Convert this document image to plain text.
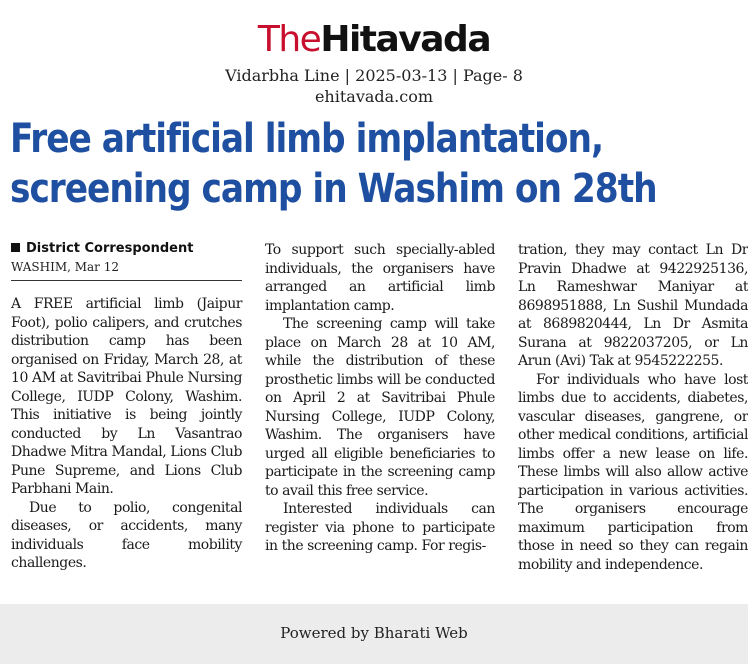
TheHitavada
Vidarbha Line | 2025-03-13 | Page- 8
ehitavada.com
Free artificial limb implantation, screening camp in Washim on 28th
District Correspondent
WASHIM, Mar 12

A FREE artificial limb (Jaipur Foot), polio calipers, and crutches distribution camp has been organised on Friday, March 28, at 10 AM at Savitribai Phule Nursing College, IUDP Colony, Washim. This initiative is being jointly conducted by Ln Vasantrao Dhadwe Mitra Mandal, Lions Club Pune Supreme, and Lions Club Parbhani Main.

Due to polio, congenital diseases, or accidents, many individuals face mobility challenges.

To support such specially-abled individuals, the organisers have arranged an artificial limb implantation camp.

The screening camp will take place on March 28 at 10 AM, while the distribution of these prosthetic limbs will be conducted on April 2 at Savitribai Phule Nursing College, IUDP Colony, Washim. The organisers have urged all eligible beneficiaries to participate in the screening camp to avail this free service.

Interested individuals can register via phone to participate in the screening camp. For regis-

tration, they may contact Ln Dr Pravin Dhadwe at 9422925136, Ln Rameshwar Maniyar at 8698951888, Ln Sushil Mundada at 8689820444, Ln Dr Asmita Surana at 9822037205, or Ln Arun (Avi) Tak at 9545222255.

For individuals who have lost limbs due to accidents, diabetes, vascular diseases, gangrene, or other medical conditions, artificial limbs offer a new lease on life. These limbs will also allow active participation in various activities. The organisers encourage maximum participation from those in need so they can regain mobility and independence.

Powered by Bharati Web
